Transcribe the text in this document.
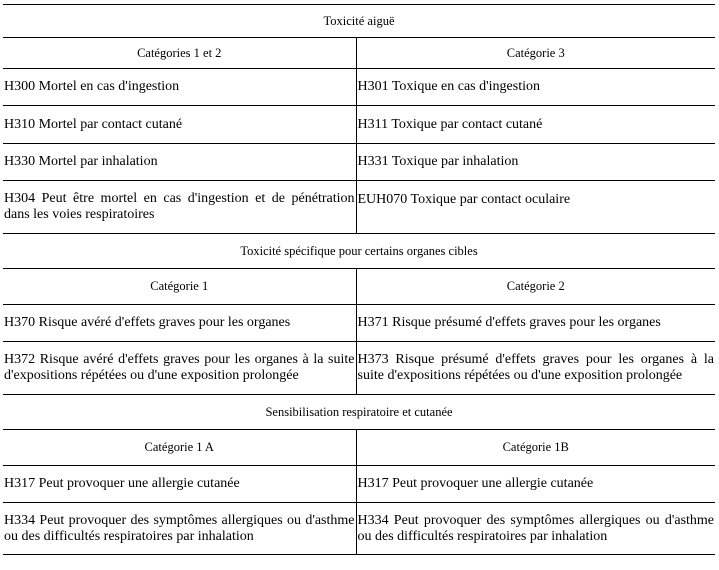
Toxicité aiguë	
Catégories 1 et 2	Catégorie 3
H300 Mortel en cas d'ingestion	H301 Toxique en cas d'ingestion
H310 Mortel par contact cutané	H311 Toxique par contact cutané
H330 Mortel par inhalation	H331 Toxique par inhalation
H304 Peut être mortel en cas d'ingestion et de pénétration dans les voies respiratoires	EUH070 Toxique par contact oculaire
Toxicité spécifique pour certains organes cibles	
Catégorie 1	Catégorie 2
H370 Risque avéré d'effets graves pour les organes	H371 Risque présumé d'effets graves pour les organes
H372 Risque avéré d'effets graves pour les organes à la suite d'expositions répétées ou d'une exposition prolongée	H373 Risque présumé d'effets graves pour les organes à la suite d'expositions répétées ou d'une exposition prolongée
Sensibilisation respiratoire et cutanée	
Catégorie 1 A	Catégorie 1B
H317 Peut provoquer une allergie cutanée	H317 Peut provoquer une allergie cutanée
H334 Peut provoquer des symptômes allergiques ou d'asthme ou des difficultés respiratoires par inhalation	H334 Peut provoquer des symptômes allergiques ou d'asthme ou des difficultés respiratoires par inhalation
